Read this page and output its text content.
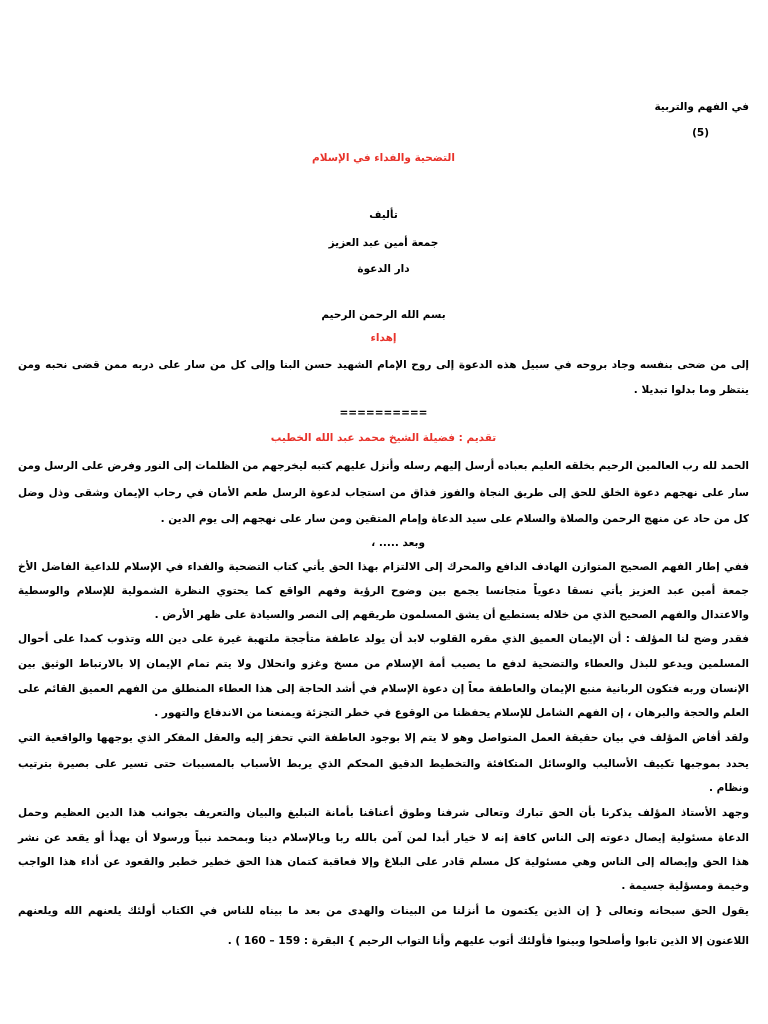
في الفهم والتربية
(5)
التضحية والفداء في الإسلام
تأليف
جمعة أمين عبد العزيز
دار الدعوة
بسم الله الرحمن الرحيم
إهداء
إلى من ضحى بنفسه وجاد بروحه في سبيل هذه الدعوة إلى روح الإمام الشهيد حسن البنا وإلى كل من سار على دربه ممن قضى نحبه ومن
ينتظر وما بدلوا تبديلا .
==========
تقديم : فضيلة الشيخ محمد عبد الله الخطيب
الحمد لله رب العالمين الرحيم بخلقه العليم بعباده أرسل إليهم رسله وأنزل عليهم كتبه ليخرجهم من الظلمات إلى النور وفرض على الرسل ومن
سار على نهجهم دعوة الخلق للحق إلى طريق النجاة والفوز فذاق من استجاب لدعوة الرسل طعم الأمان في رحاب الإيمان وشقى وذل وضل
كل من حاد عن منهج الرحمن والصلاة والسلام على سيد الدعاة وإمام المتقين ومن سار على نهجهم إلى يوم الدين .
وبعد ..... ،
ففي إطار الفهم الصحيح المتوازن الهادف الدافع والمحرك إلى الالتزام بهذا الحق يأتي كتاب التضحية والفداء في الإسلام للداعية الفاضل الأخ
جمعة أمين عبد العزيز يأتي نسقا دعوياً متجانسا يجمع بين وضوح الرؤية وفهم الواقع كما يحتوي النظرة الشمولية للإسلام والوسطية
والاعتدال والفهم الصحيح الذي من خلاله يستطيع أن يشق المسلمون طريقهم إلى النصر والسيادة على ظهر الأرض .
فقدر وضح لنا المؤلف : أن الإيمان العميق الذي مقره القلوب لابد أن يولد عاطفة متأججة ملتهبة غيرة على دين الله وتذوب كمدا على أحوال
المسلمين ويدعو للبذل والعطاء والتضحية لدفع ما يصيب أمة الإسلام من مسخ وغزو وانحلال ولا يتم تمام الإيمان إلا بالارتباط الوثيق بين
الإنسان وربه فتكون الربانية منبع الإيمان والعاطفة معاً إن دعوة الإسلام في أشد الحاجة إلى هذا العطاء المنطلق من الفهم العميق القائم على
العلم والحجة والبرهان ، إن الفهم الشامل للإسلام يحفظنا من الوقوع في خطر التجزئة ويمنعنا من الاندفاع والتهور .
ولقد أفاض المؤلف في بيان حقيقة العمل المتواصل وهو لا يتم إلا بوجود العاطفة التي تحفز إليه والعقل المفكر الذي يوجهها والواقعية التي
يحدد بموجبها تكييف الأساليب والوسائل المتكافئة والتخطيط الدقيق المحكم الذي يربط الأسباب بالمسببات حتى تسير على بصيرة بترتيب
ونظام .
وجهد الأستاذ المؤلف يذكرنا بأن الحق تبارك وتعالى شرفنا وطوق أعناقنا بأمانة التبليغ والبيان والتعريف بجوانب هذا الدين العظيم وحمل
الدعاة مسئولية إيصال دعوته إلى الناس كافة إنه لا خيار أبدا لمن آمن بالله ربا وبالإسلام دينا وبمحمد نبياً ورسولا أن يهدأ أو يقعد عن نشر
هذا الحق وإيصاله إلى الناس وهي مسئولية كل مسلم قادر على البلاغ وإلا فعاقبة كتمان هذا الحق خطير خطير والقعود عن أداء هذا الواجب
وخيمة ومسؤلية جسيمة .
يقول الحق سبحانه وتعالى { إن الذين يكتمون ما أنزلنا من البينات والهدى من بعد ما بيناه للناس في الكتاب أولئك يلعنهم الله ويلعنهم
اللاعنون إلا الذين تابوا وأصلحوا وبينوا فأولئك أتوب عليهم وأنا التواب الرحيم } البقرة : 159 – 160 ) .
